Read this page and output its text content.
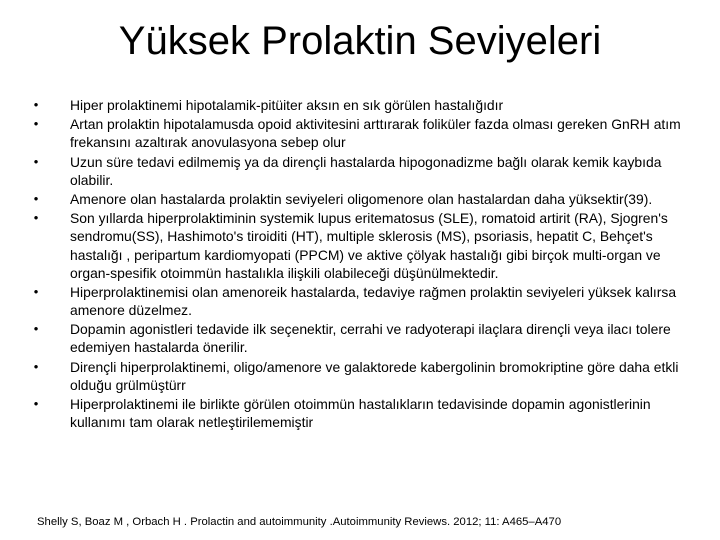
Yüksek Prolaktin Seviyeleri
•	Hiper prolaktinemi hipotalamik-pitüiter aksın en sık görülen hastalığıdır
•	Artan prolaktin hipotalamusda opoid aktivitesini arttırarak foliküler fazda olması gereken GnRH atım frekansını azaltırak anovulasyona sebep olur
•	Uzun süre tedavi edilmemiş ya da dirençli hastalarda hipogonadizme bağlı olarak kemik kaybıda olabilir.
•	Amenore olan hastalarda prolaktin seviyeleri oligomenore olan hastalardan daha yüksektir(39).
•	Son yıllarda hiperprolaktiminin systemik lupus eritematosus (SLE), romatoid artirit (RA), Sjogren's sendromu(SS), Hashimoto's tiroiditi (HT), multiple sklerosis (MS), psoriasis, hepatit C, Behçet's hastalığı , peripartum kardiomyopati (PPCM) ve aktive çölyak hastalığı gibi birçok multi-organ ve organ-spesifik otoimmün hastalıkla ilişkili olabileceği düşünülmektedir.
•	Hiperprolaktinemisi olan amenoreik hastalarda, tedaviye rağmen prolaktin seviyeleri yüksek kalırsa amenore düzelmez.
•	Dopamin agonistleri tedavide ilk seçenektir, cerrahi ve radyoterapi ilaçlara dirençli veya ilacı tolere edemiyen hastalarda önerilir.
•	Dirençli hiperprolaktinemi, oligo/amenore ve galaktorede kabergolinin bromokriptine göre daha etkli olduğu grülmüştürr
•	Hiperprolaktinemi ile birlikte görülen otoimmün hastalıkların tedavisinde dopamin agonistlerinin kullanımı tam olarak netleştirilememiştir
Shelly S, Boaz M , Orbach H . Prolactin and autoimmunity .Autoimmunity Reviews. 2012; 11: A465–A470
